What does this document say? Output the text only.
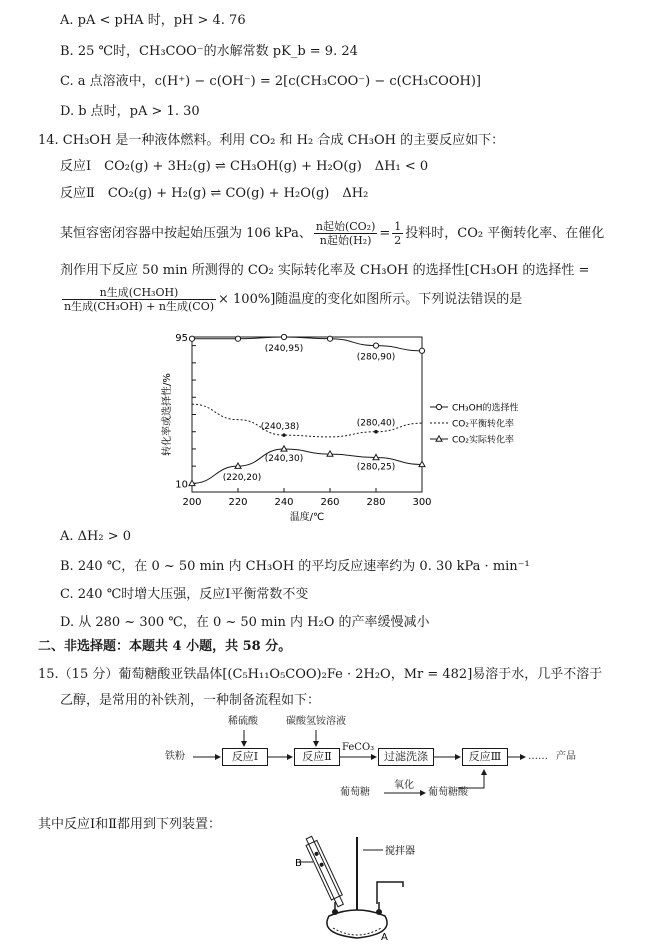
A. pA < pHA 时，pH > 4. 76
B. 25 ℃时，CH₃COO⁻的水解常数 pK_b = 9. 24
C. a 点溶液中，c(H⁺) − c(OH⁻) = 2[c(CH₃COO⁻) − c(CH₃COOH)]
D. b 点时，pA > 1. 30
14. CH₃OH 是一种液体燃料。利用 CO₂ 和 H₂ 合成 CH₃OH 的主要反应如下：
反应Ⅰ　CO₂(g) + 3H₂(g) ⇌ CH₃OH(g) + H₂O(g)　ΔH₁ < 0
反应Ⅱ　CO₂(g) + H₂(g) ⇌ CO(g) + H₂O(g)　ΔH₂
某恒容密闭容器中按起始压强为 106 kPa、 $\frac{\text{n起始(CO₂)}}{\text{n起始(H₂)}} = \frac{1}{2}$ 投料时，CO₂ 平衡转化率、在催化
剂作用下反应 50 min 所测得的 CO₂ 实际转化率及 CH₃OH 的选择性[CH₃OH 的选择性 =
$\frac{\text{n生成(CH₃OH)}}{\text{n生成(CH₃OH) + n生成(CO)}} \times 100\%$]随温度的变化如图所示。下列说法错误的是
200	220	240	260	280	300
10
95
温度/℃
转化率或选择性/%	CH₃OH的选择性
CO₂平衡转化率
CO₂实际转化率
(240,95)
(280,90)
(240,38)	(280,40)
(240,30)
(220,20)
(280,25)
A. ΔH₂ > 0
B. 240 ℃，在 0 ~ 50 min 内 CH₃OH 的平均反应速率约为 0. 30 kPa · min⁻¹
C. 240 ℃时增大压强，反应Ⅰ平衡常数不变
D. 从 280 ~ 300 ℃，在 0 ~ 50 min 内 H₂O 的产率缓慢减小
二、非选择题：本题共 4 小题，共 58 分。
15.（15 分）葡萄糖酸亚铁晶体[(C₅H₁₁O₅COO)₂Fe · 2H₂O，Mr = 482]易溶于水，几乎不溶于
乙醇，是常用的补铁剂，一种制备流程如下：
铁粉
稀硫酸
反应Ⅰ
碳酸氢铵溶液
反应Ⅱ
FeCO₃
过滤洗涤	反应Ⅲ	…… 产品
葡萄糖
氧化
葡萄糖酸
其中反应Ⅰ和Ⅱ都用到下列装置：
B
搅拌器
A
